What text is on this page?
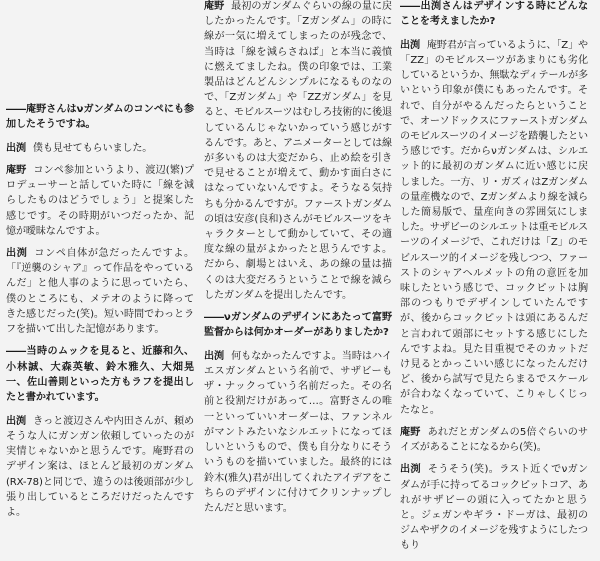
――庵野さんはνガンダムのコンペにも参加したそうですね。

出渕 僕も見せてもらいました。

庵野 コンペ参加というより、渡辺(繁)プロデューサーと話していた時に「線を減らしたものはどうでしょう」と提案した感じです。その時期がいつだったか、記憶が曖昧なんですよ。

出渕 コンペ自体が急だったんですよ。「『逆襲のシャア』って作品をやっているんだ」と他人事のように思っていたら、僕のところにも、メテオのように降ってきた感じだった(笑)。短い時間でわっとラフを描いて出した記憶があります。

――当時のムックを見ると、近藤和久、小林誠、大森英敏、鈴木雅久、大畑晃一、佐山善則といった方もラフを提出したと書かれています。

出渕 きっと渡辺さんや内田さんが、頼めそうな人にガンガン依頼していったのが実情じゃないかと思うんです。庵野君のデザイン案は、ほとんど最初のガンダム(RX-78)と同じで、違うのは後頭部が少し張り出しているところだけだったんですよ。

庵野 最初のガンダムぐらいの線の量に戻したかったんです。「Zガンダム」の時に線が一気に増えてしまったのが残念で、当時は「線を減らさねば」と本当に義憤に燃えてましたね。僕の印象では、工業製品はどんどんシンプルになるものなので、「Zガンダム」や「ZZガンダム」を見ると、モビルスーツはむしろ技術的に後退しているんじゃないかっていう感じがするんです。あと、アニメーターとしては線が多いものは大変だから、止め絵を引きで見せることが増えて、動かす面白さにはなっていないんですよ。そうなる気持ちも分かるんですが。ファーストガンダムの頃は安彦(良和)さんがモビルスーツをキャラクターとして動かしていて、その適度な線の量がよかったと思うんですよ。だから、劇場とはいえ、あの線の量は描くのは大変だろうということで線を減らしたガンダムを提出したんです。

――νガンダムのデザインにあたって富野監督からは何かオーダーがありましたか?

出渕 何もなかったんですよ。当時はハイエスガンダムという名前で、サザビーもザ・ナックっていう名前だった。その名前と役割だけがあって…。富野さんの唯一といっていいオーダーは、ファンネルがマントみたいなシルエットになってほしいというもので、僕も自分なりにそういうものを描いていました。最終的には鈴木(雅久)君が出してくれたアイデアをこちらのデザインに付けてクリンナップしたんだと思います。

――出渕さんはデザインする時にどんなことを考えましたか?

出渕 庵野君が言っているように、「Z」や「ZZ」のモビルスーツがあまりにも劣化しているというか、無駄なディテールが多いという印象が僕にもあったんです。それで、自分がやるんだったらということで、オーソドックスにファーストガンダムのモビルスーツのイメージを踏襲したという感じです。だからνガンダムは、シルエット的に最初のガンダムに近い感じに戻しました。一方、リ・ガズィはZガンダムの量産機なので、Zガンダムより線を減らした簡易版で、量産向きの雰囲気にしました。サザビーのシルエットは重モビルスーツのイメージで、これだけは「Z」のモビルスーツ的イメージを残しつつ、ファーストのシャアヘルメットの角の意匠を加味したという感じで、コックピットは胸部のつもりでデザインしていたんですが、後からコックピットは頭にあるんだと言われて頭部にセットする感じにしたんですよね。見た目重視でそのカットだけ見るとかっこいい感じになったんだけど、後から試写で見たらまるでスケールが合わなくなっていて、こりゃしくじったなと。

庵野 あれだとガンダムの5倍ぐらいのサイズがあることになるから(笑)。

出渕 そうそう(笑)。ラスト近くでνガンダムが手に持ってるコックピットコア、あれがサザビーの頭に入ってたかと思うと。ジェガンやギラ・ドーガは、最初のジムやザクのイメージを残すようにしたつもり
